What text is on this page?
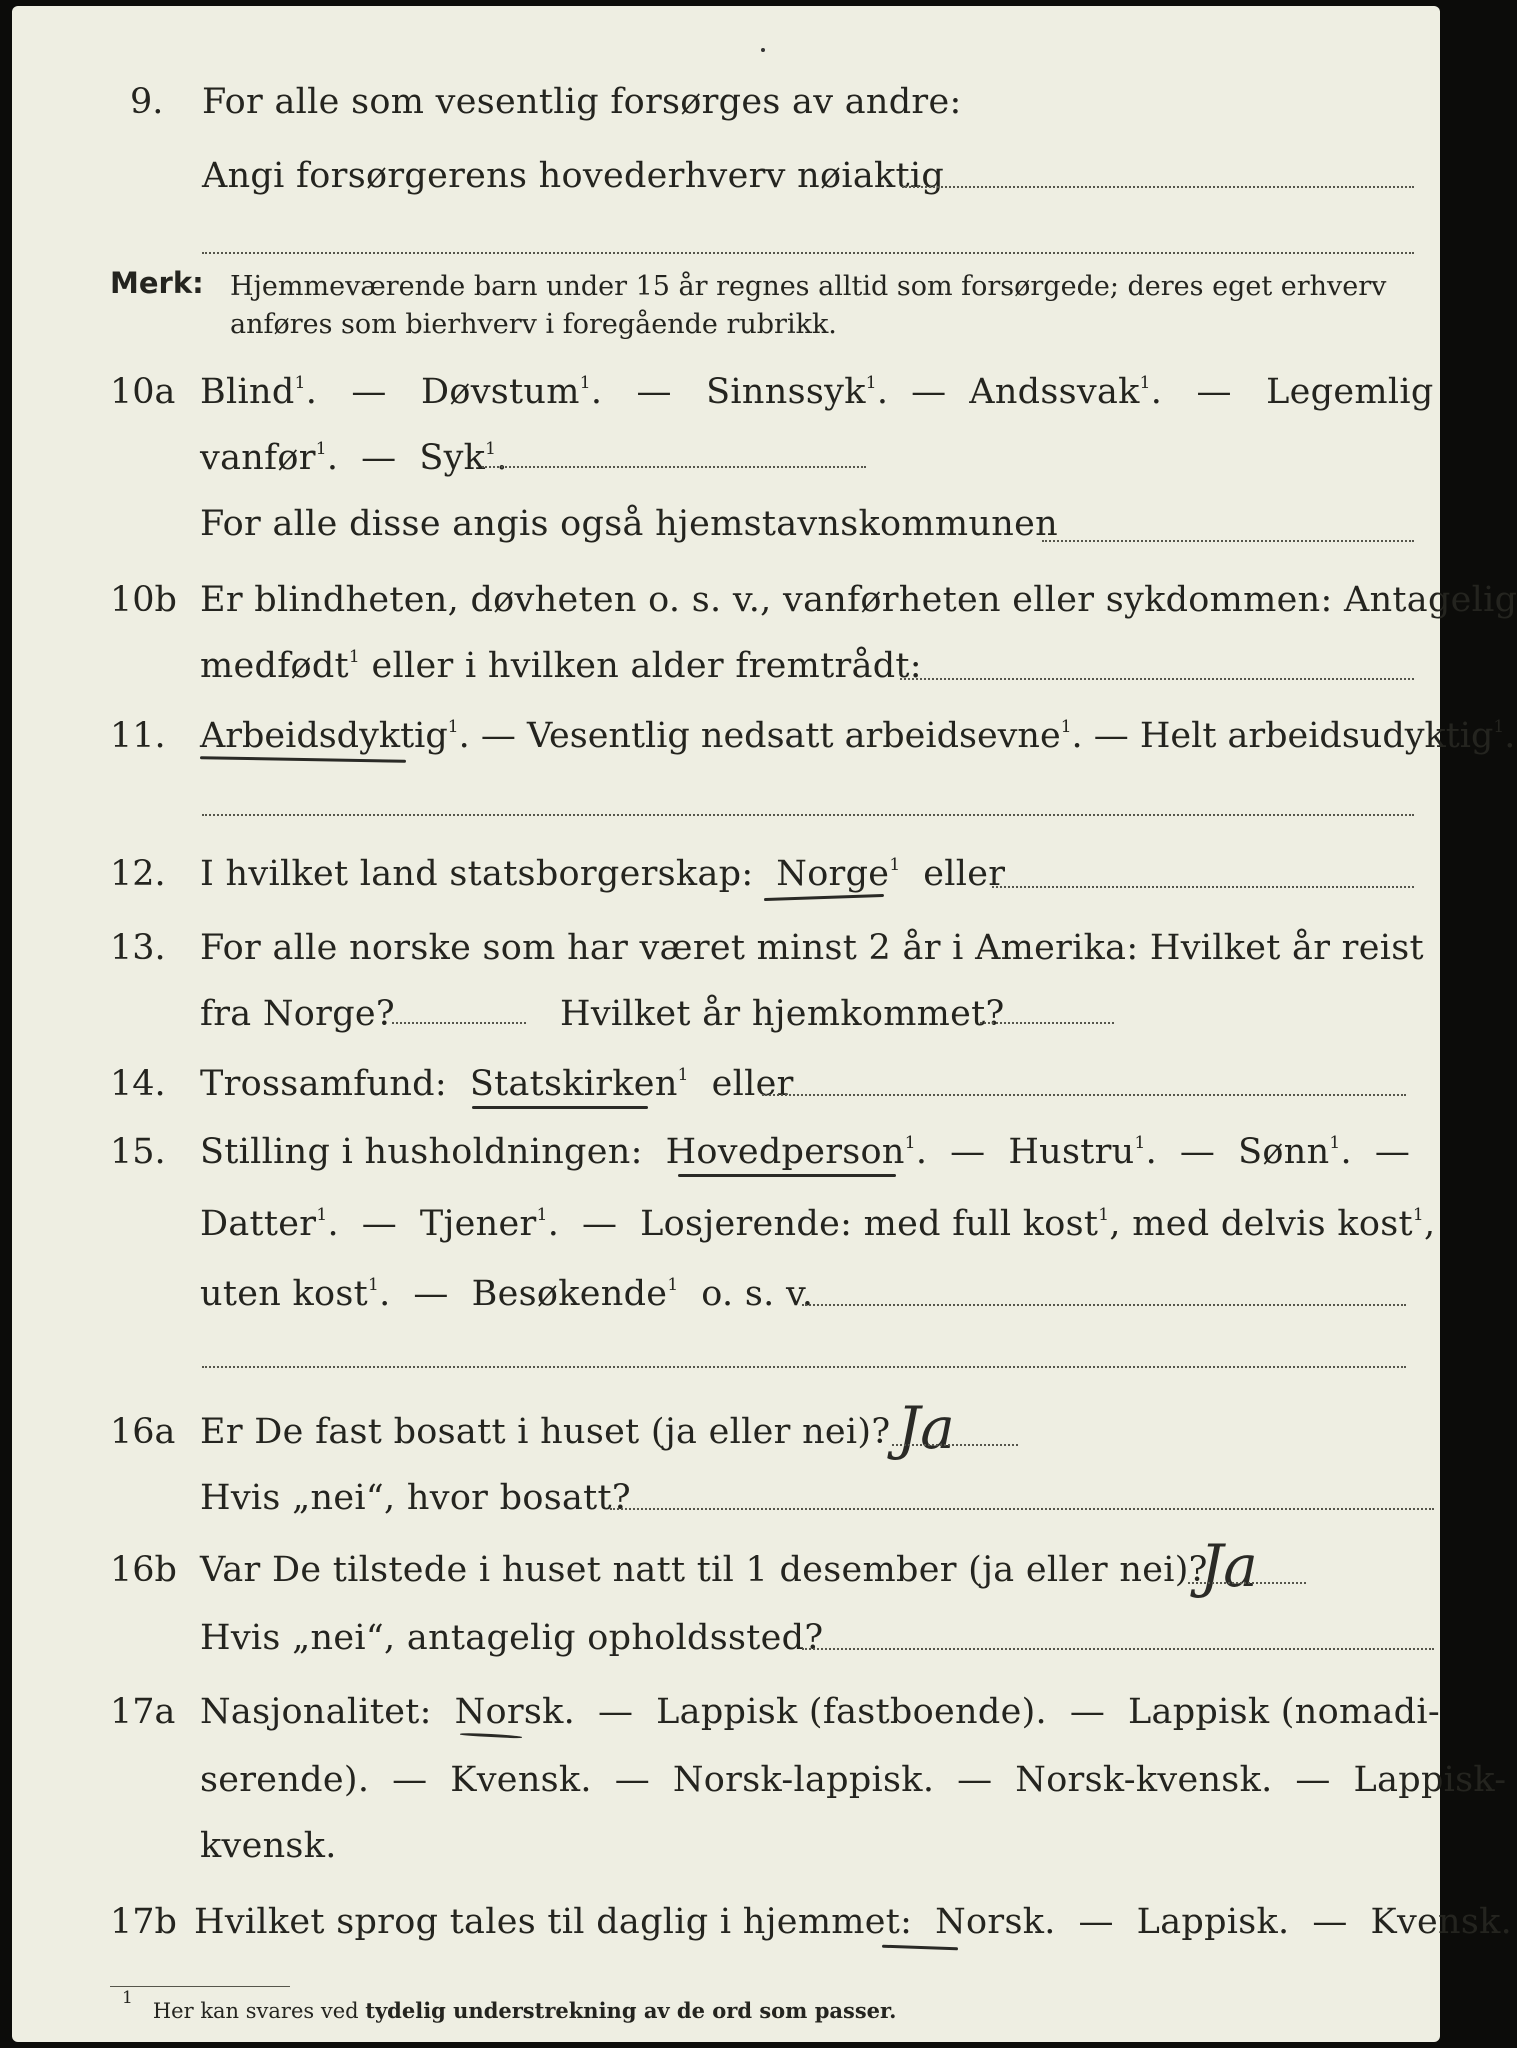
9. For alle som vesentlig forsørges av andre:
Angi forsørgerens hovederhverv nøiaktig
Merk: Hjemmeværende barn under 15 år regnes alltid som forsørgede; deres eget erhverv
anføres som bierhverv i foregående rubrikk.
10a Blind$^1$.   —   Døvstum$^1$.   —   Sinnssyk$^1$.  —  Andssvak$^1$.   —   Legemlig
vanfør$^1$.  —  Syk$^1$.
For alle disse angis også hjemstavnskommunen
10b Er blindheten, døvheten o. s. v., vanførheten eller sykdommen: Antagelig
medfødt$^1$ eller i hvilken alder fremtrådt:
11. Arbeidsdyktig$^1$. — Vesentlig nedsatt arbeidsevne$^1$. — Helt arbeidsudyktig$^1$.
12. I hvilket land statsborgerskap: Norge$^1$ eller
13. For alle norske som har været minst 2 år i Amerika: Hvilket år reist
fra Norge?	Hvilket år hjemkommet?
14. Trossamfund: Statskirken$^1$ eller
15. Stilling i husholdningen: Hovedperson$^1$.  —  Hustru$^1$.  —  Sønn$^1$.  —
Datter$^1$.  —  Tjener$^1$.  —  Losjerende: med full kost$^1$, med delvis kost$^1$,
uten kost$^1$.  —  Besøkende$^1$ o. s. v.
16a Er De fast bosatt i huset (ja eller nei)? Ja
Hvis „nei“, hvor bosatt?
16b Var De tilstede i huset natt til 1 desember (ja eller nei)?
Ja
Hvis „nei“, antagelig opholdssted?
17a Nasjonalitet: Norsk.  —  Lappisk (fastboende).  —  Lappisk (nomadi-
serende).  —  Kvensk.  —  Norsk-lappisk.  —  Norsk-kvensk.  —  Lappisk-
kvensk.
17b Hvilket sprog tales til daglig i hjemmet: Norsk.  —  Lappisk.  —  Kvensk.
$^1$   Her kan svares ved tydelig understrekning av de ord som passer.
